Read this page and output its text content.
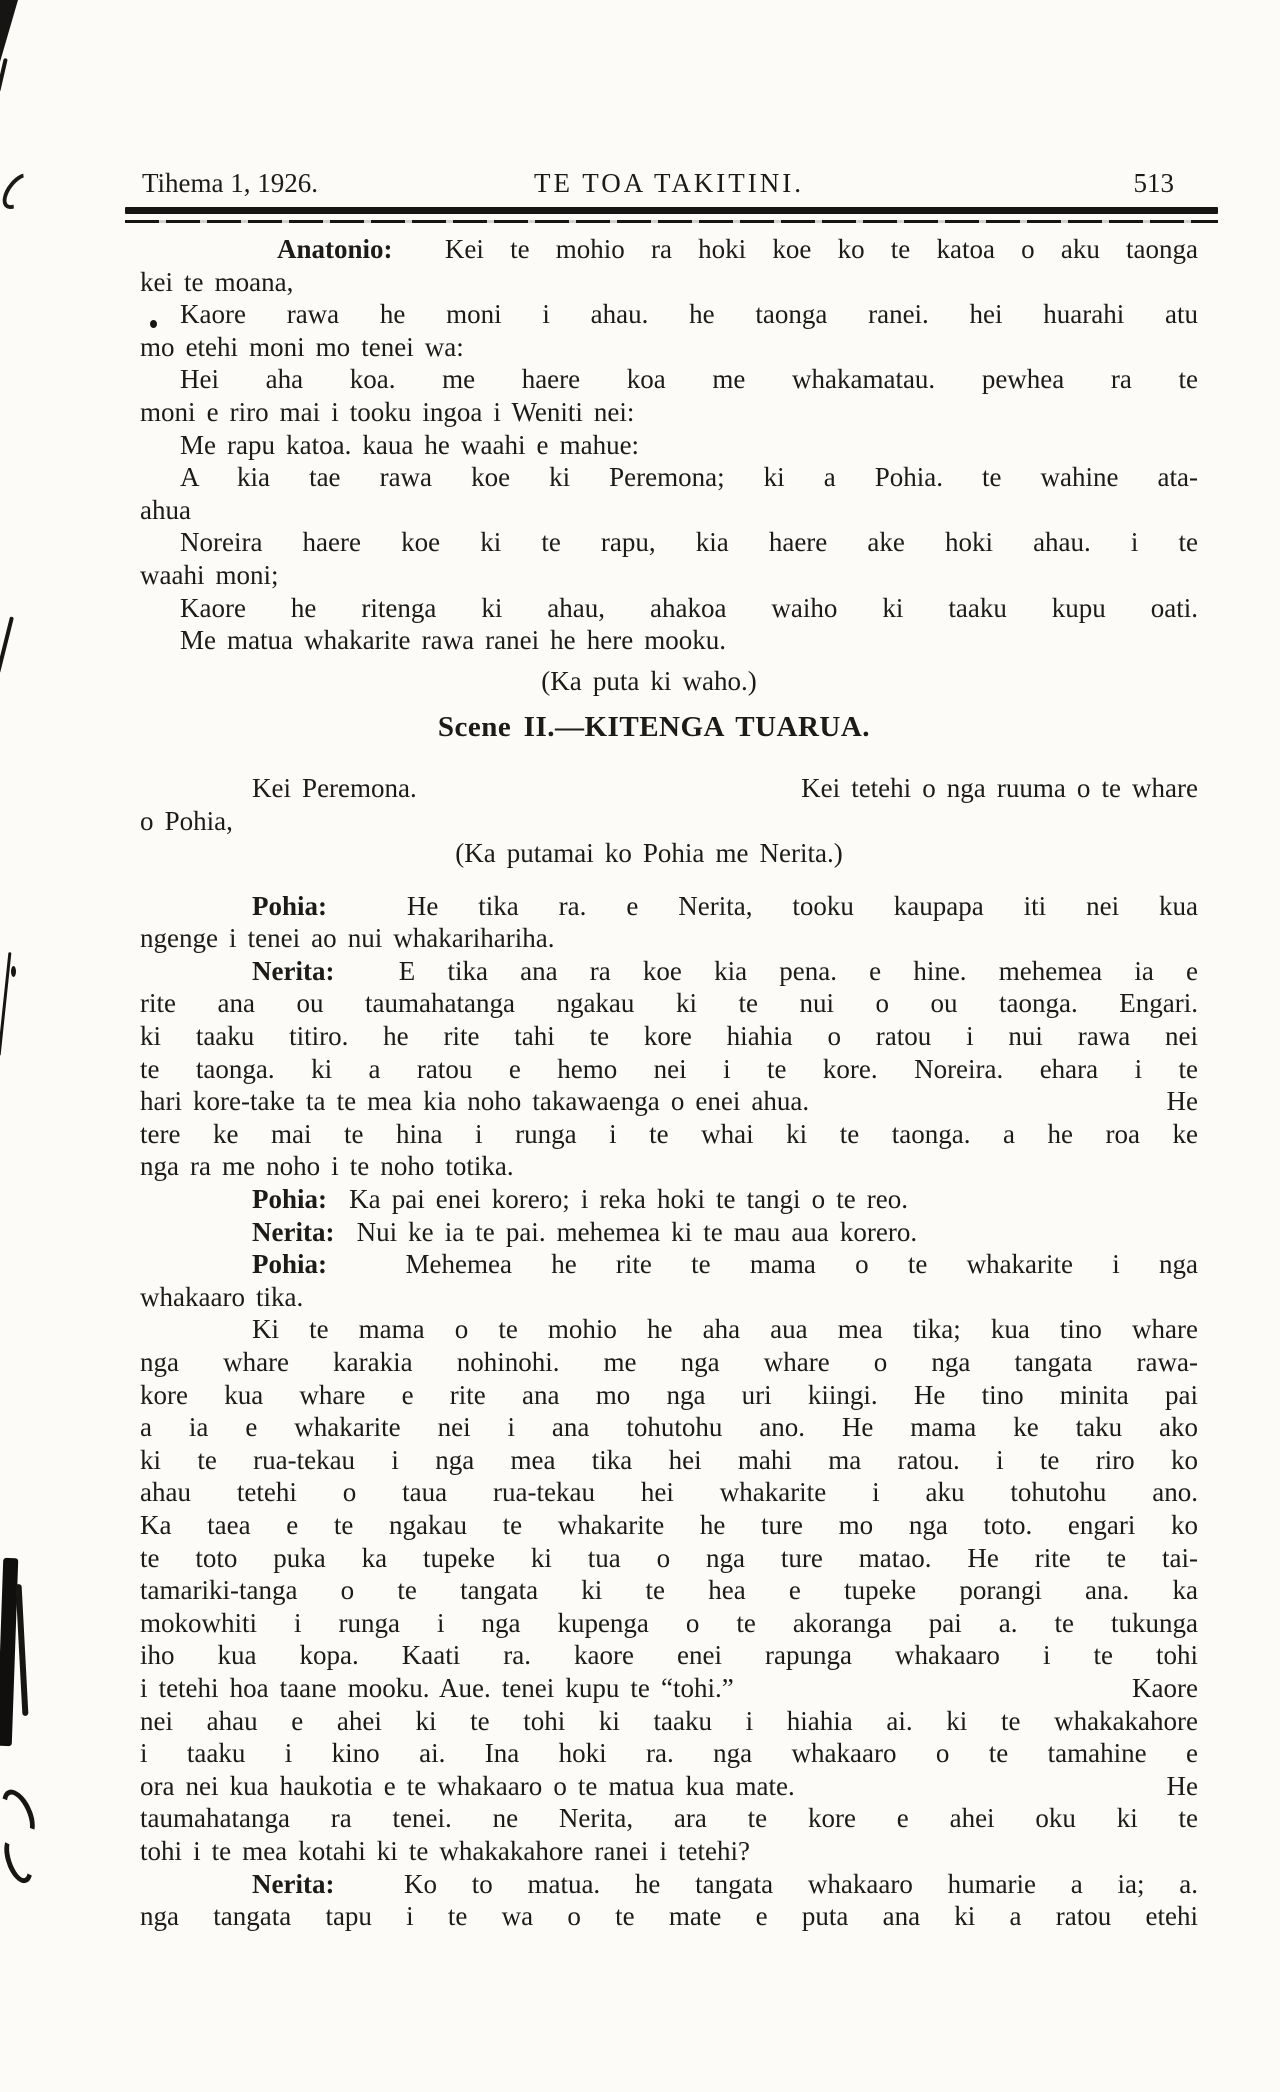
Tihema 1, 1926.	TE TOA TAKITINI.	513
Anatonio:  Kei te mohio ra hoki koe ko te katoa o aku taonga
kei te moana,
Kaore rawa he moni i ahau. he taonga ranei. hei huarahi atu
mo etehi moni mo tenei wa:
Hei aha koa. me haere koa me whakamatau. pewhea ra te
moni e riro mai i tooku ingoa i Weniti nei:
Me rapu katoa. kaua he waahi e mahue:
A kia tae rawa koe ki Peremona; ki a Pohia. te wahine ata-
ahua
Noreira haere koe ki te rapu, kia haere ake hoki ahau. i te
waahi moni;
Kaore he ritenga ki ahau, ahakoa waiho ki taaku kupu oati.
Me matua whakarite rawa ranei he here mooku.
(Ka puta ki waho.)
Scene II.—KITENGA TUARUA.
Kei Peremona.	Kei tetehi o nga ruuma o te whare
o Pohia,
(Ka putamai ko Pohia me Nerita.)
Pohia:  He tika ra. e Nerita, tooku kaupapa iti nei kua
ngenge i tenei ao nui whakarihariha.
Nerita:  E tika ana ra koe kia pena. e hine. mehemea ia e
rite ana ou taumahatanga ngakau ki te nui o ou taonga. Engari.
ki taaku titiro. he rite tahi te kore hiahia o ratou i nui rawa nei
te taonga. ki a ratou e hemo nei i te kore. Noreira. ehara i te
hari kore-take ta te mea kia noho takawaenga o enei ahua.	He
tere ke mai te hina i runga i te whai ki te taonga. a he roa ke
nga ra me noho i te noho totika.
Pohia:  Ka pai enei korero; i reka hoki te tangi o te reo.
Nerita:  Nui ke ia te pai. mehemea ki te mau aua korero.
Pohia:  Mehemea he rite te mama o te whakarite i nga
whakaaro tika.
Ki te mama o te mohio he aha aua mea tika; kua tino whare
nga whare karakia nohinohi. me nga whare o nga tangata rawa-
kore kua whare e rite ana mo nga uri kiingi. He tino minita pai
a ia e whakarite nei i ana tohutohu ano. He mama ke taku ako
ki te rua-tekau i nga mea tika hei mahi ma ratou. i te riro ko
ahau tetehi o taua rua-tekau hei whakarite i aku tohutohu ano.
Ka taea e te ngakau te whakarite he ture mo nga toto. engari ko
te toto puka ka tupeke ki tua o nga ture matao. He rite te tai-
tamariki-tanga o te tangata ki te hea e tupeke porangi ana. ka
mokowhiti i runga i nga kupenga o te akoranga pai a. te tukunga
iho kua kopa. Kaati ra. kaore enei rapunga whakaaro i te tohi
i tetehi hoa taane mooku. Aue. tenei kupu te “tohi.”	Kaore
nei ahau e ahei ki te tohi ki taaku i hiahia ai. ki te whakakahore
i taaku i kino ai. Ina hoki ra. nga whakaaro o te tamahine e
ora nei kua haukotia e te whakaaro o te matua kua mate.	He
taumahatanga ra tenei. ne Nerita, ara te kore e ahei oku ki te
tohi i te mea kotahi ki te whakakahore ranei i tetehi?
Nerita:  Ko to matua. he tangata whakaaro humarie a ia; a.
nga tangata tapu i te wa o te mate e puta ana ki a ratou etehi
